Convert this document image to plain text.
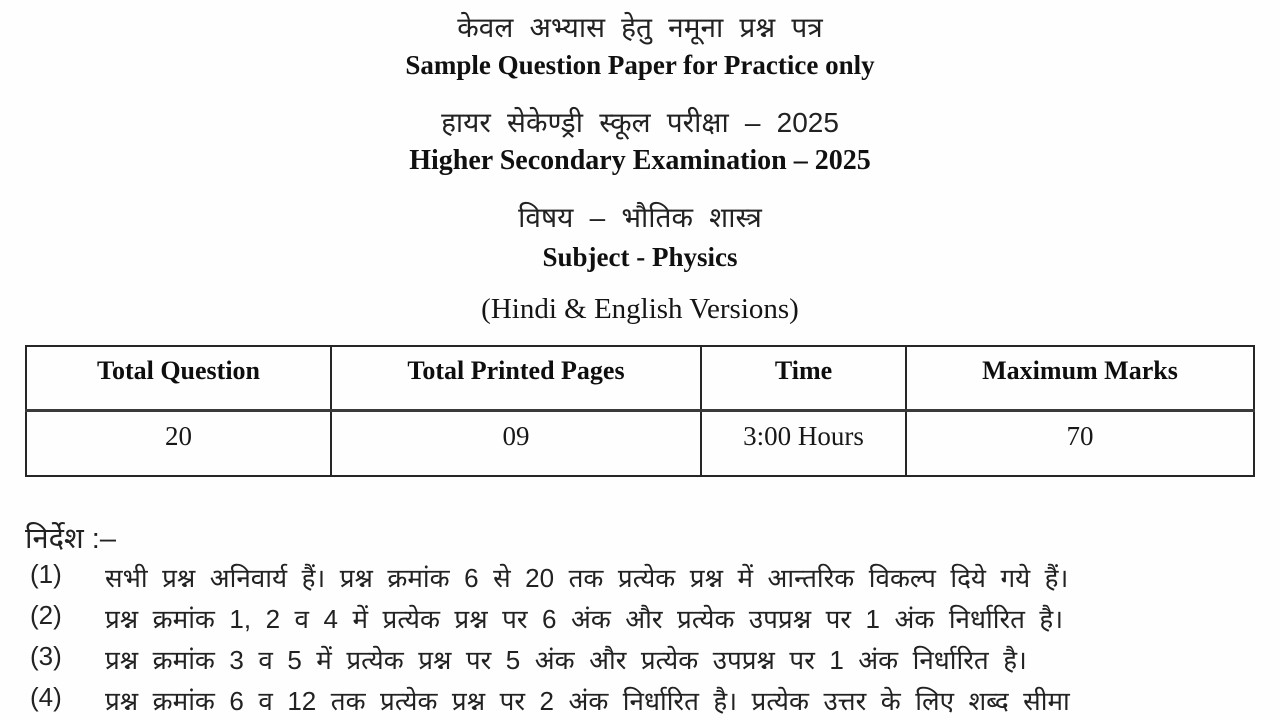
केवल अभ्यास हेतु नमूना प्रश्न पत्र
Sample Question Paper for Practice only
हायर सेकेण्ड्री स्कूल परीक्षा – 2025
Higher Secondary Examination – 2025
विषय – भौतिक शास्त्र
Subject - Physics
(Hindi & English Versions)
Total Question	Total Printed Pages	Time	Maximum Marks
20	09	3:00 Hours	70
निर्देश :–
(1) सभी प्रश्न अनिवार्य हैं। प्रश्न क्रमांक 6 से 20 तक प्रत्येक प्रश्न में आन्तरिक विकल्प दिये गये हैं।
(2) प्रश्न क्रमांक 1, 2 व 4 में प्रत्येक प्रश्न पर 6 अंक और प्रत्येक उपप्रश्न पर 1 अंक निर्धारित है।
(3) प्रश्न क्रमांक 3 व 5 में प्रत्येक प्रश्न पर 5 अंक और प्रत्येक उपप्रश्न पर 1 अंक निर्धारित है।
(4) प्रश्न क्रमांक 6 व 12 तक प्रत्येक प्रश्न पर 2 अंक निर्धारित है। प्रत्येक उत्तर के लिए शब्द सीमा
